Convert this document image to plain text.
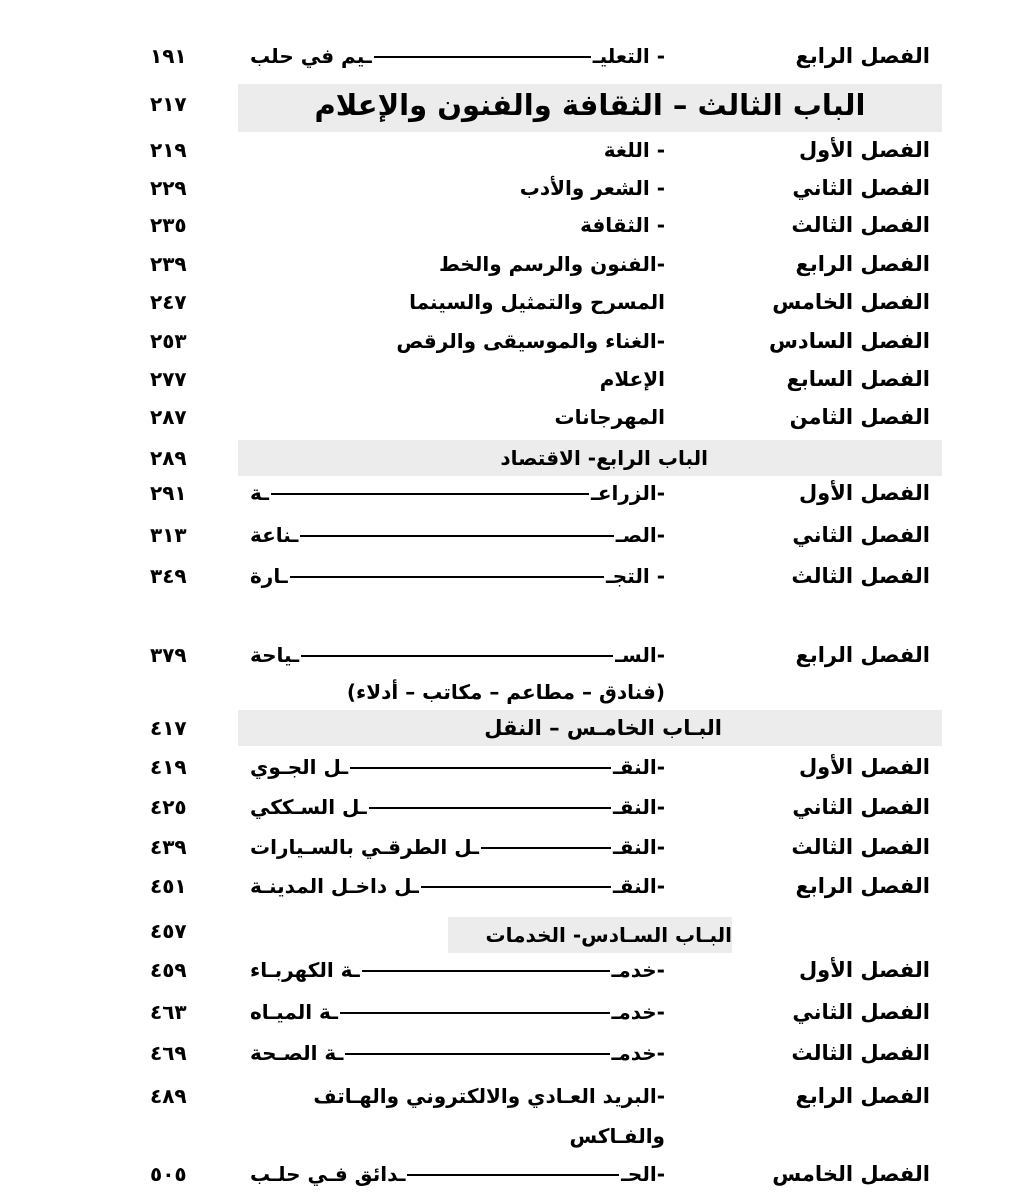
الفصل الرابع
- التعليـ
ـيم في حلب
١٩١
الباب الثالث – الثقافة والفنون والإعلام
٢١٧
الفصل الأول
- اللغة
٢١٩
الفصل الثاني
- الشعر والأدب
٢٢٩
الفصل الثالث
- الثقافة
٢٣٥
الفصل الرابع
-الفنون والرسم والخط
٢٣٩
الفصل الخامس
المسرح والتمثيل والسينما
٢٤٧
الفصل السادس
-الغناء والموسيقى والرقص
٢٥٣
الفصل السابع
الإعلام
٢٧٧
الفصل الثامن
المهرجانات
٢٨٧
الباب الرابع- الاقتصاد
٢٨٩
الفصل الأول
-الزراعـ
ـة
٢٩١
الفصل الثاني
-الصـ
ـناعة
٣١٣
الفصل الثالث
- التجـ
ـارة
٣٤٩
الفصل الرابع
-السـ
ـياحة
٣٧٩
(فنادق – مطاعم – مكاتب – أدلاء)
البـاب الخامـس – النقل
٤١٧
الفصل الأول
-النقـ
ـل الجـوي
٤١٩
الفصل الثاني
-النقـ
ـل السـككي
٤٢٥
الفصل الثالث
-النقـ
ـل الطرقـي بالسـيارات
٤٣٩
الفصل الرابع
-النقـ
ـل داخـل المدينـة
٤٥١
البـاب السـادس- الخدمات
٤٥٧
الفصل الأول
-خدمـ
ـة الكهربـاء
٤٥٩
الفصل الثاني
-خدمـ
ـة الميـاه
٤٦٣
الفصل الثالث
-خدمـ
ـة الصـحة
٤٦٩
الفصل الرابع
-البريد العـادي والالكتروني والهـاتف
٤٨٩
والفـاكس
الفصل الخامس
-الحـ
ـدائق فـي حلـب
٥٠٥
